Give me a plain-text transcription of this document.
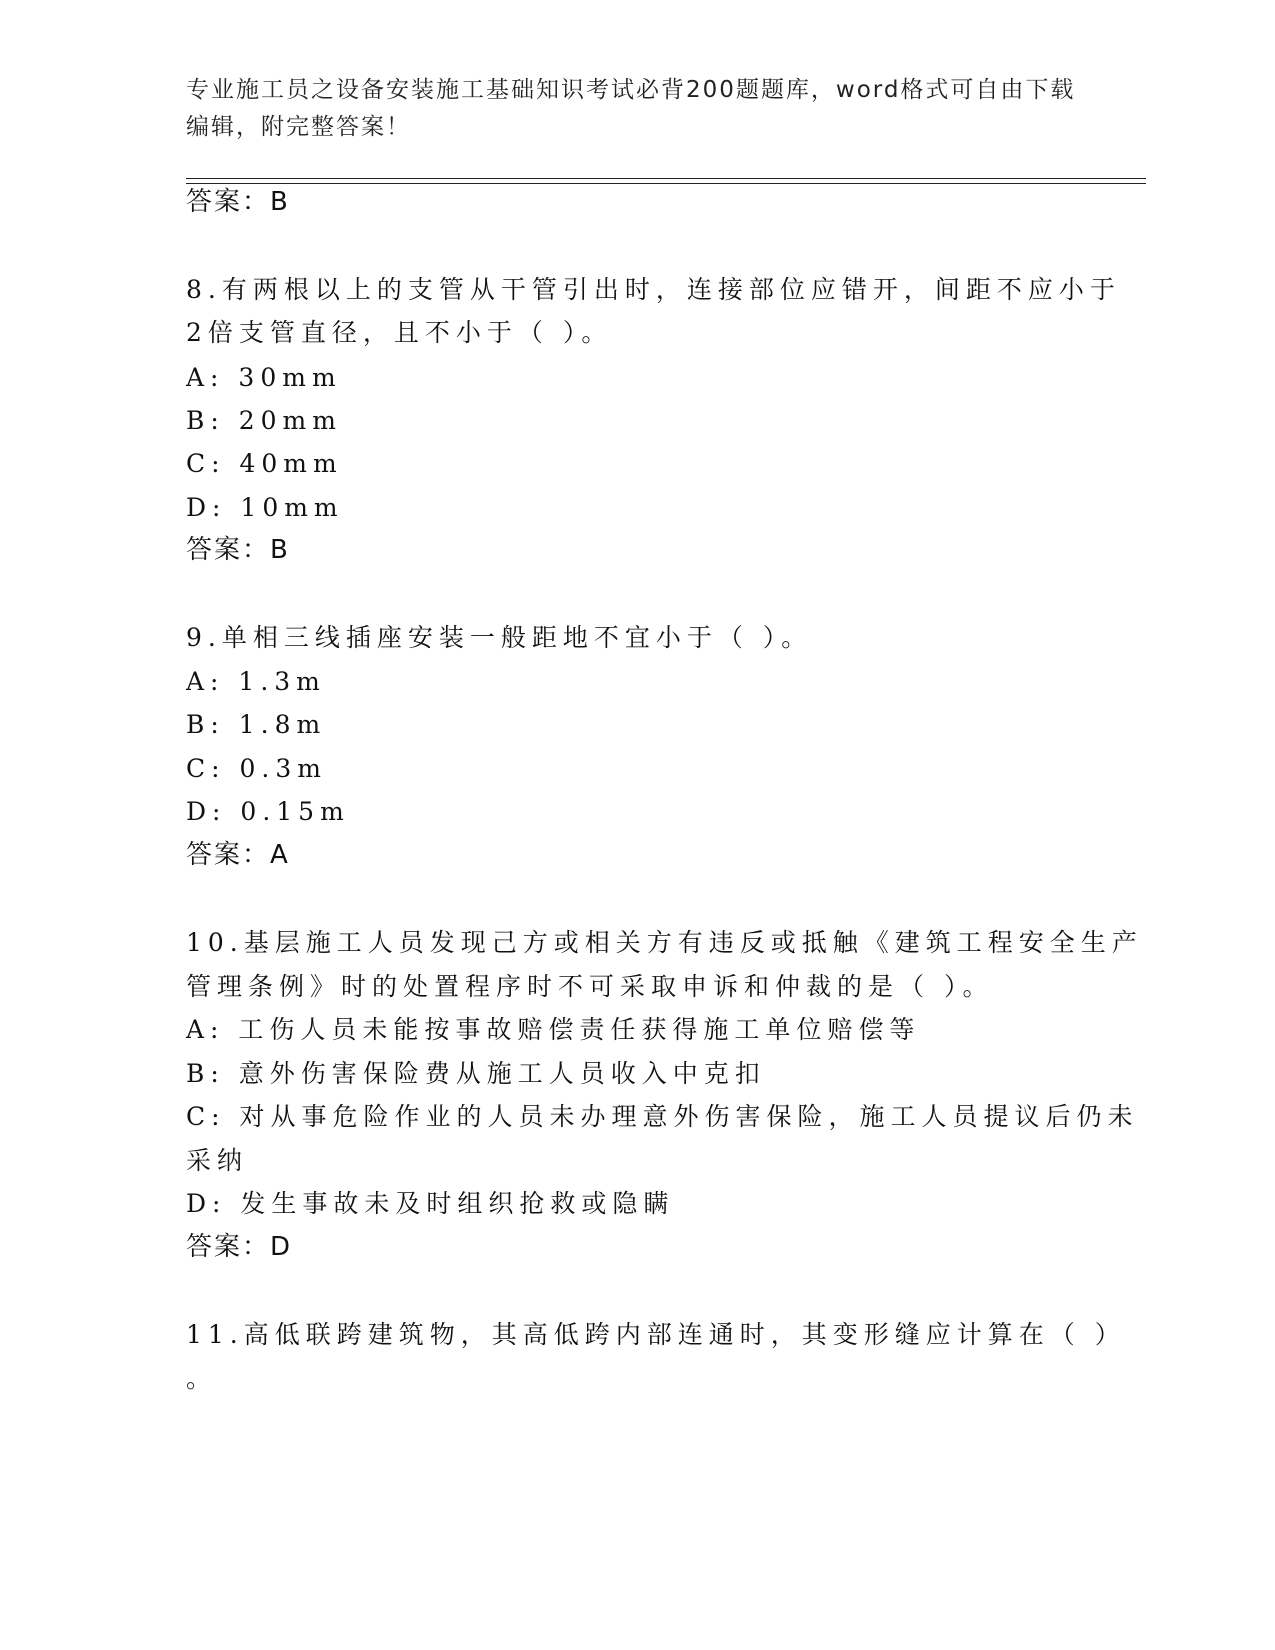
专业施工员之设备安装施工基础知识考试必背200题题库，word格式可自由下载
编辑，附完整答案！
答案：B
8.有两根以上的支管从干管引出时，连接部位应错开，间距不应小于
2倍支管直径，且不小于（ ）。
A: 30mm
B: 20mm
C: 40mm
D: 10mm
答案：B
9.单相三线插座安装一般距地不宜小于（ ）。
A: 1.3m
B: 1.8m
C: 0.3m
D: 0.15m
答案：A
10.基层施工人员发现己方或相关方有违反或抵触《建筑工程安全生产
管理条例》时的处置程序时不可采取申诉和仲裁的是（ ）。
A: 工伤人员未能按事故赔偿责任获得施工单位赔偿等
B: 意外伤害保险费从施工人员收入中克扣
C: 对从事危险作业的人员未办理意外伤害保险，施工人员提议后仍未
采纳
D: 发生事故未及时组织抢救或隐瞒
答案：D
11.高低联跨建筑物，其高低跨内部连通时，其变形缝应计算在（ ）
。
